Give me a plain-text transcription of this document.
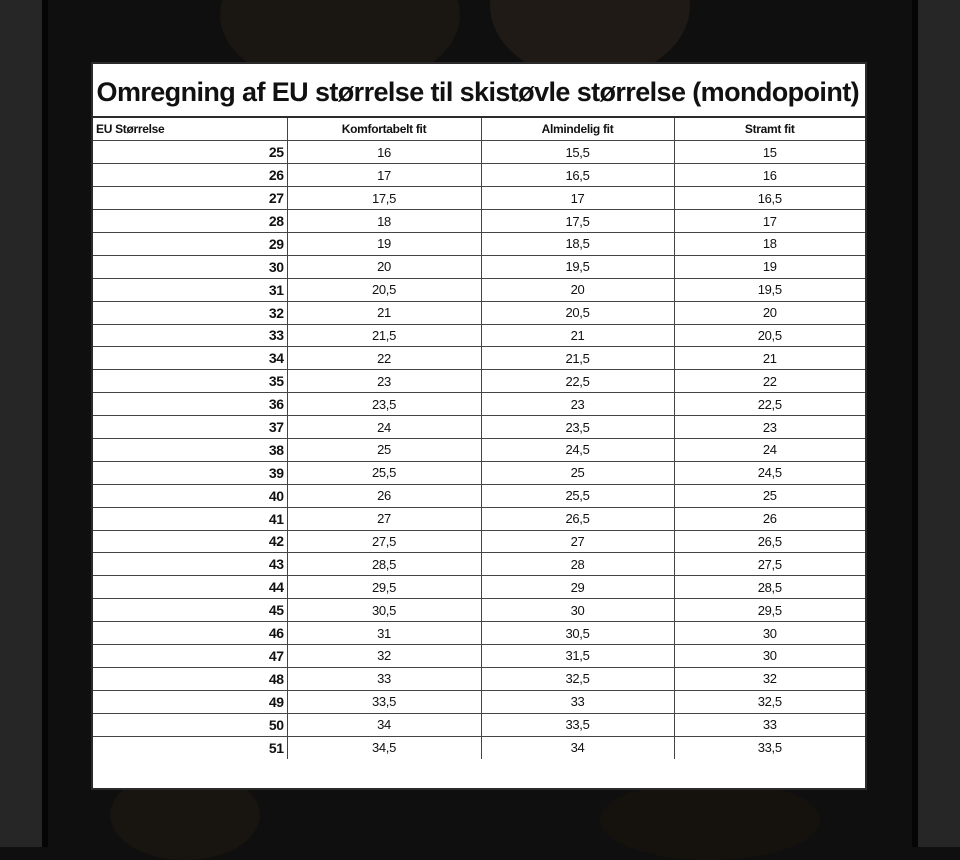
Omregning af EU størrelse til skistøvle størrelse (mondopoint)
EU Størrelse	Komfortabelt fit	Almindelig fit	Stramt fit
25	16	15,5	15
26	17	16,5	16
27	17,5	17	16,5
28	18	17,5	17
29	19	18,5	18
30	20	19,5	19
31	20,5	20	19,5
32	21	20,5	20
33	21,5	21	20,5
34	22	21,5	21
35	23	22,5	22
36	23,5	23	22,5
37	24	23,5	23
38	25	24,5	24
39	25,5	25	24,5
40	26	25,5	25
41	27	26,5	26
42	27,5	27	26,5
43	28,5	28	27,5
44	29,5	29	28,5
45	30,5	30	29,5
46	31	30,5	30
47	32	31,5	30
48	33	32,5	32
49	33,5	33	32,5
50	34	33,5	33
51	34,5	34	33,5
